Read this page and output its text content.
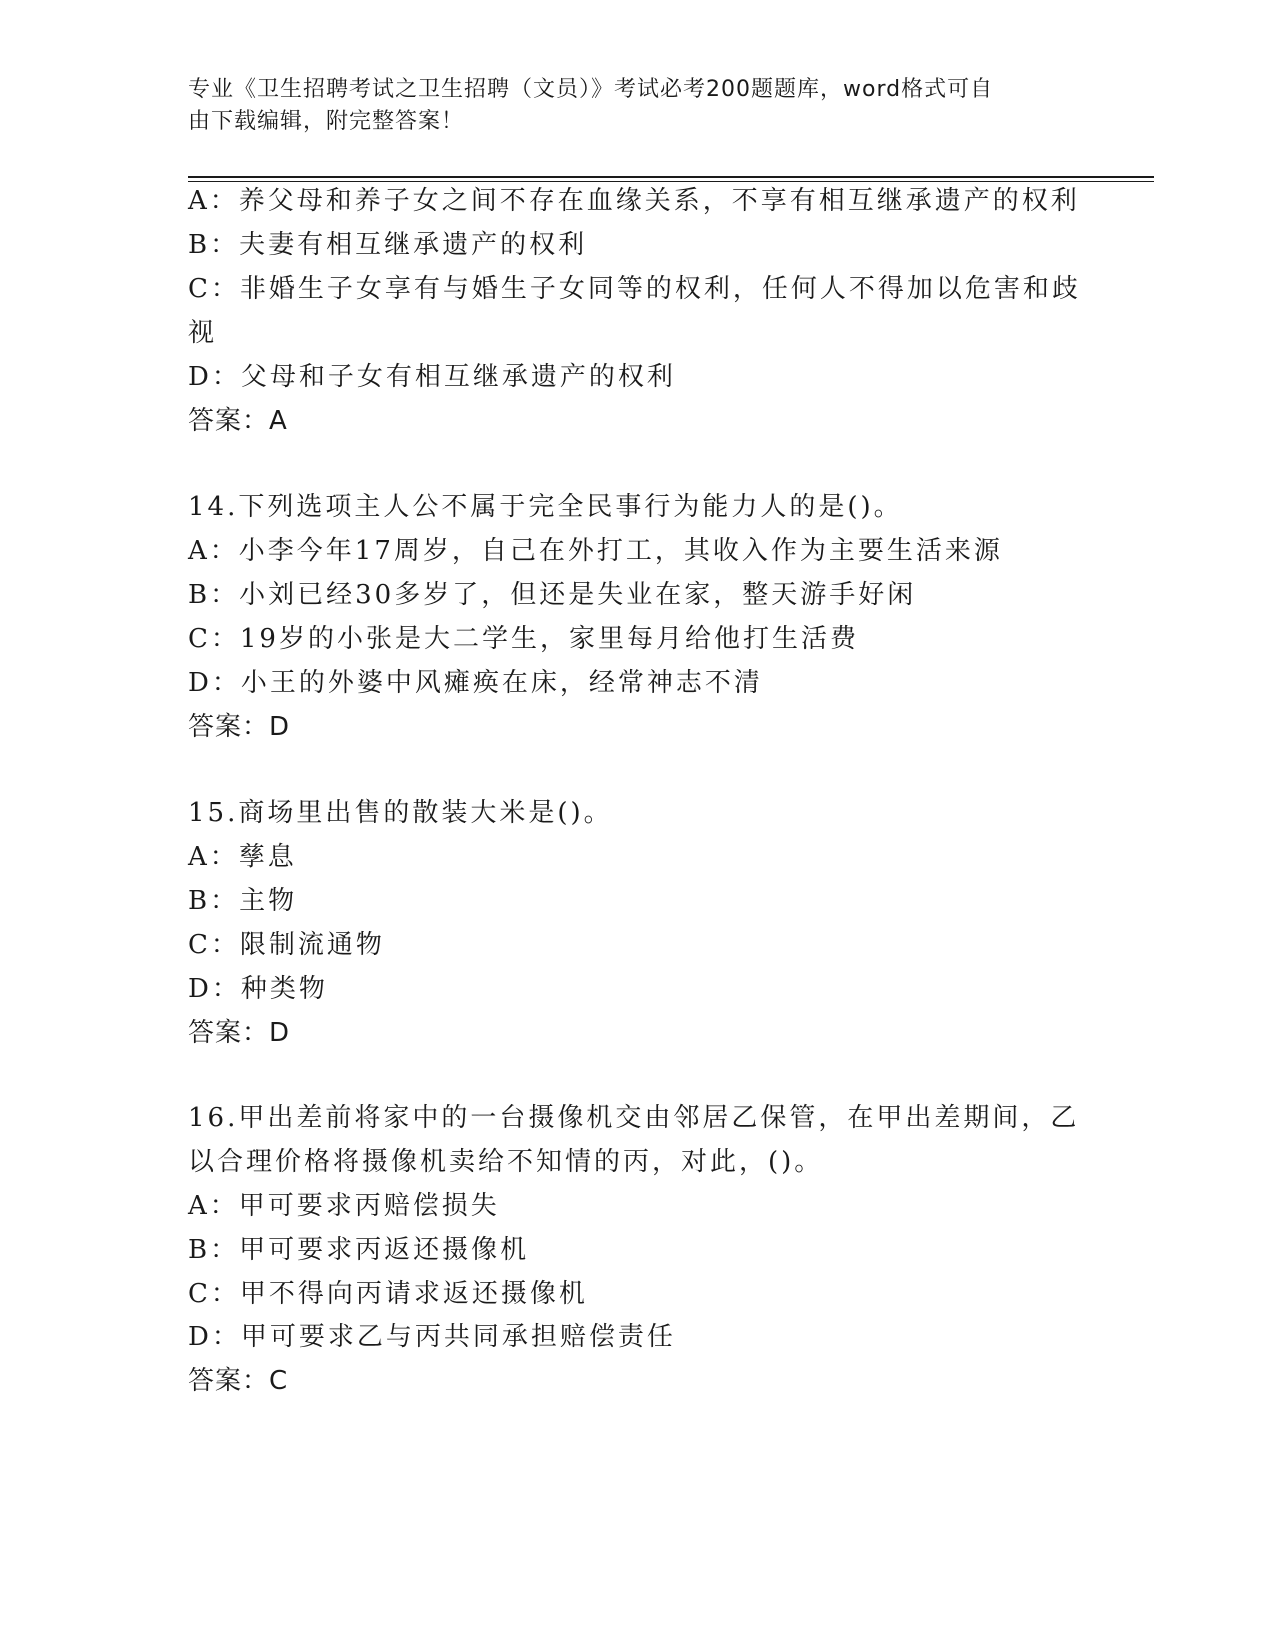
专业《卫生招聘考试之卫生招聘（文员）》考试必考200题题库，word格式可自
由下载编辑，附完整答案！
A：养父母和养子女之间不存在血缘关系，不享有相互继承遗产的权利
B：夫妻有相互继承遗产的权利
C：非婚生子女享有与婚生子女同等的权利，任何人不得加以危害和歧
视
D：父母和子女有相互继承遗产的权利
答案：A
14.下列选项主人公不属于完全民事行为能力人的是()。
A：小李今年17周岁，自己在外打工，其收入作为主要生活来源
B：小刘已经30多岁了，但还是失业在家，整天游手好闲
C：19岁的小张是大二学生，家里每月给他打生活费
D：小王的外婆中风瘫痪在床，经常神志不清
答案：D
15.商场里出售的散装大米是()。
A：孳息
B：主物
C：限制流通物
D：种类物
答案：D
16.甲出差前将家中的一台摄像机交由邻居乙保管，在甲出差期间，乙
以合理价格将摄像机卖给不知情的丙，对此，()。
A：甲可要求丙赔偿损失
B：甲可要求丙返还摄像机
C：甲不得向丙请求返还摄像机
D：甲可要求乙与丙共同承担赔偿责任
答案：C
